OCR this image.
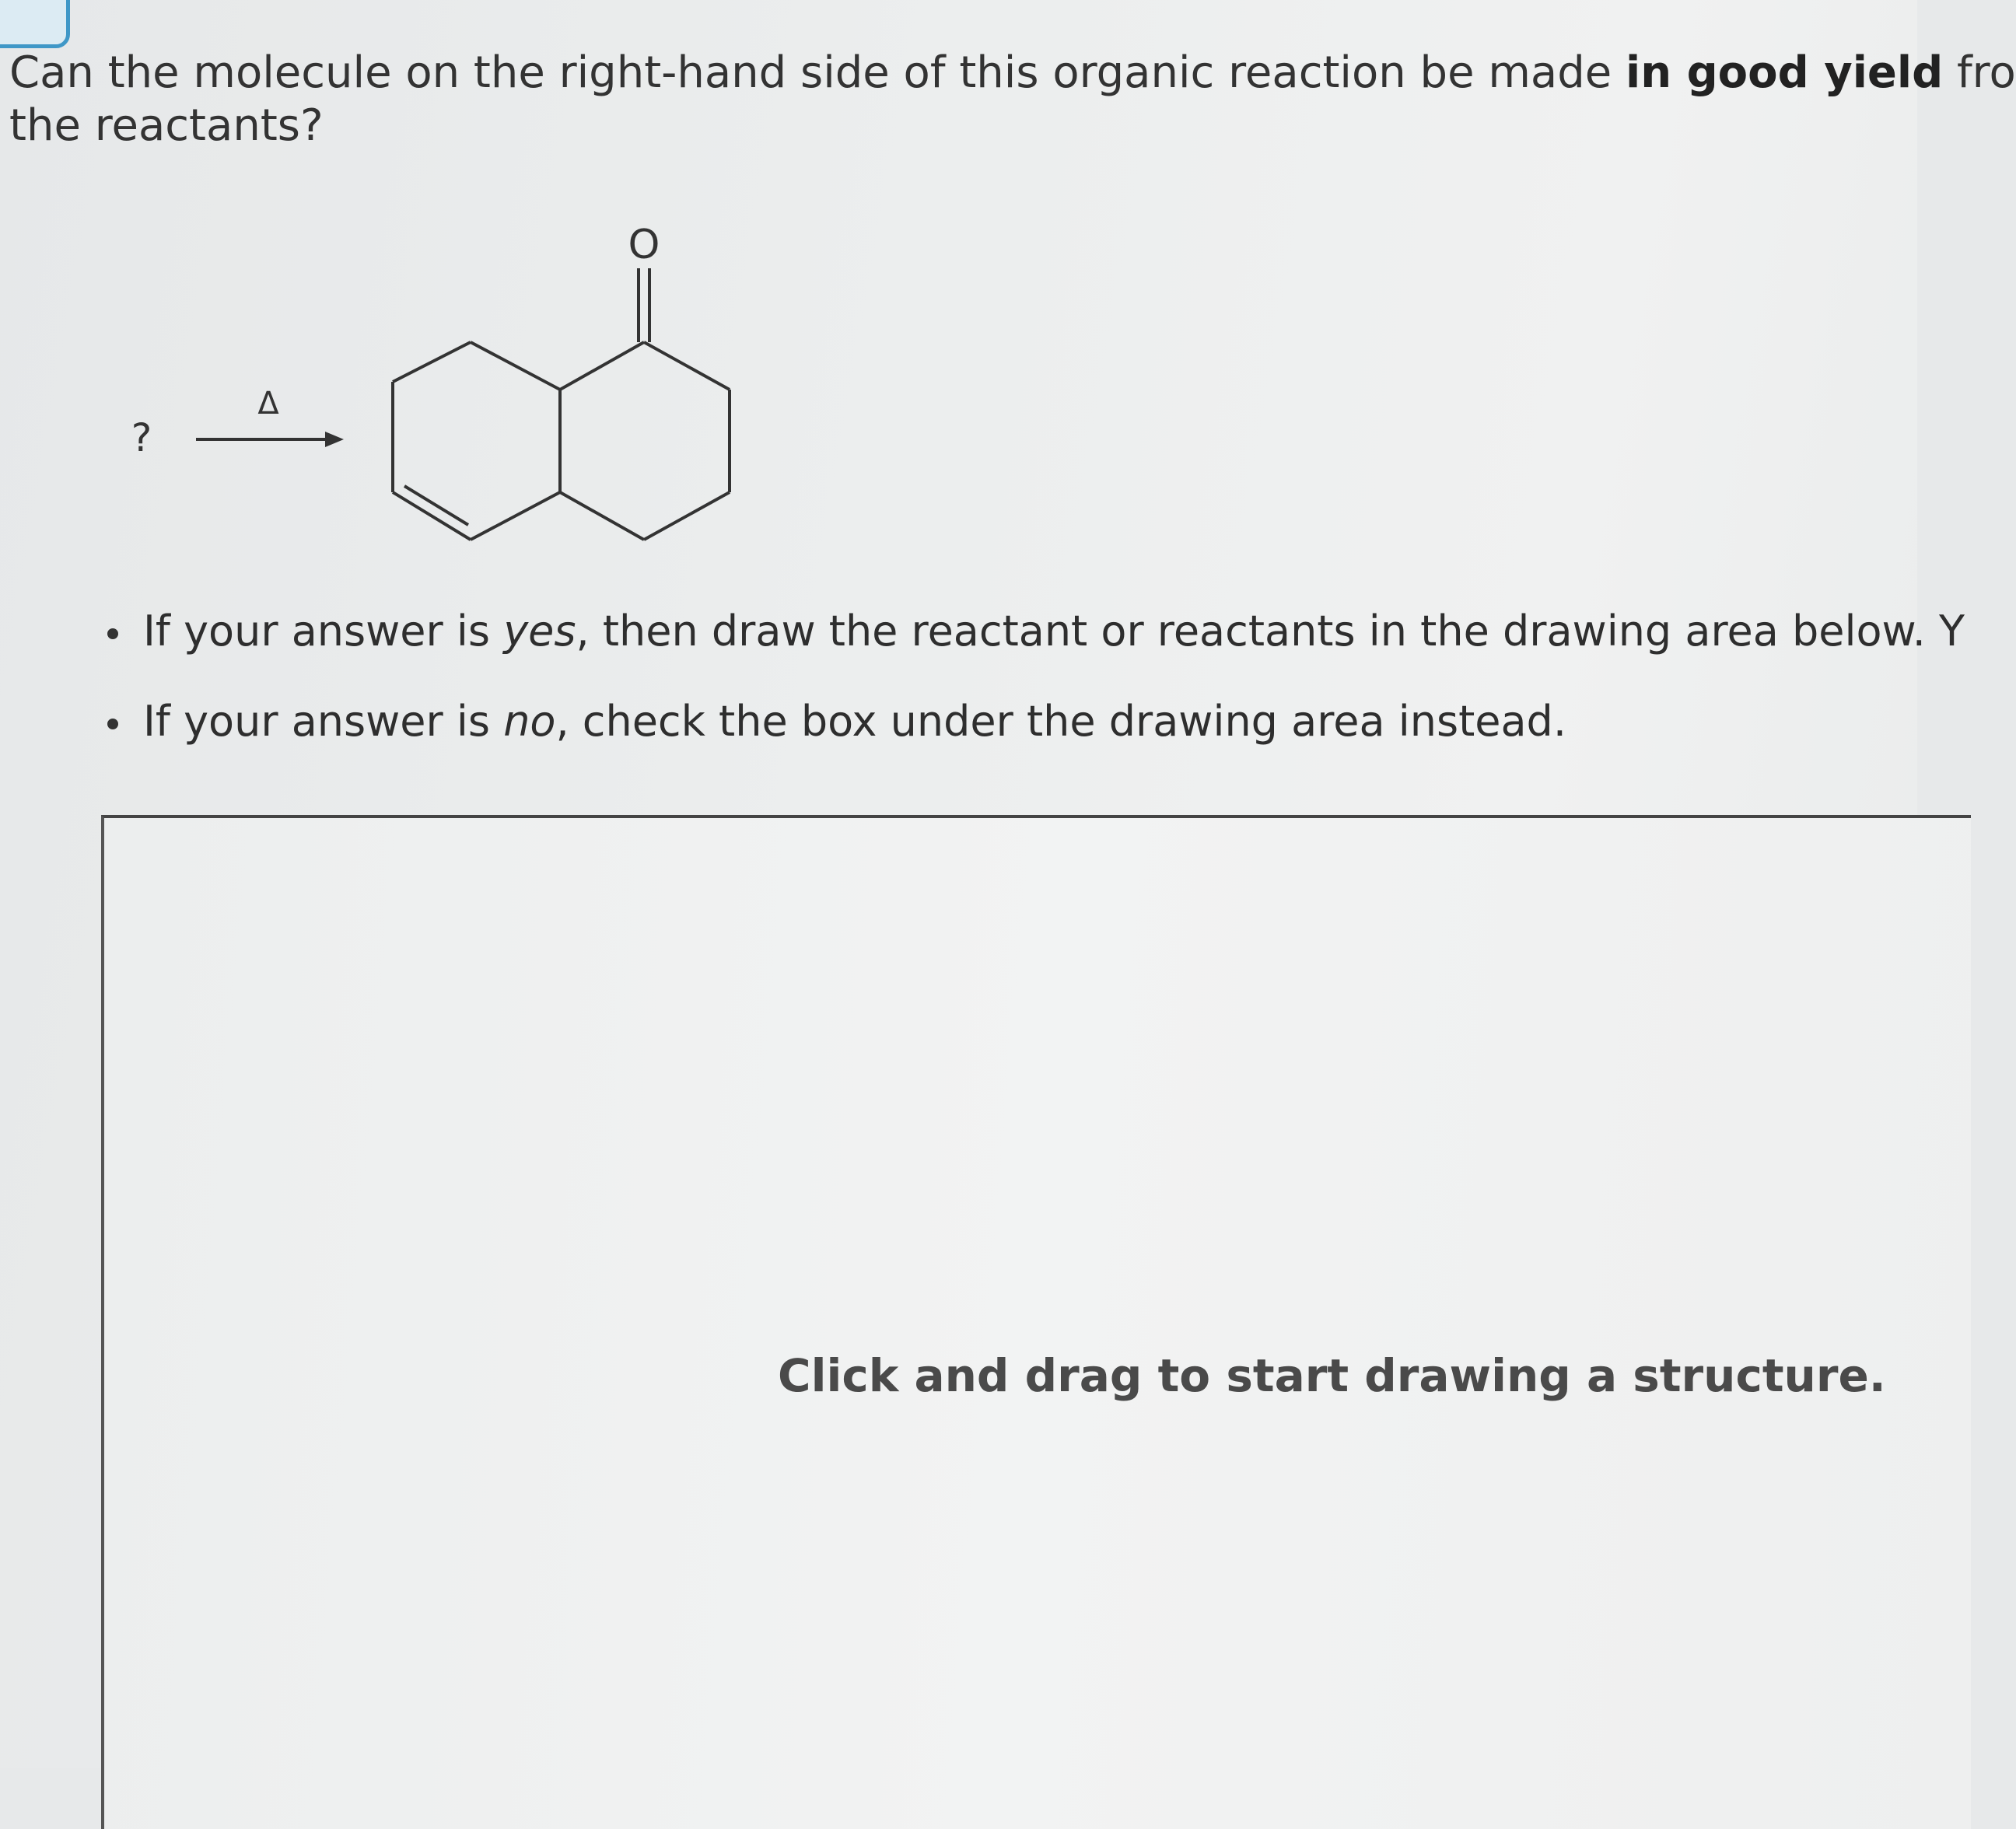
Can the molecule on the right-hand side of this organic reaction be made in good yield fro
the reactants?
?
Δ
O
If your answer is yes, then draw the reactant or reactants in the drawing area below. Y
If your answer is no, check the box under the drawing area instead.
Click and drag to start drawing a structure.
